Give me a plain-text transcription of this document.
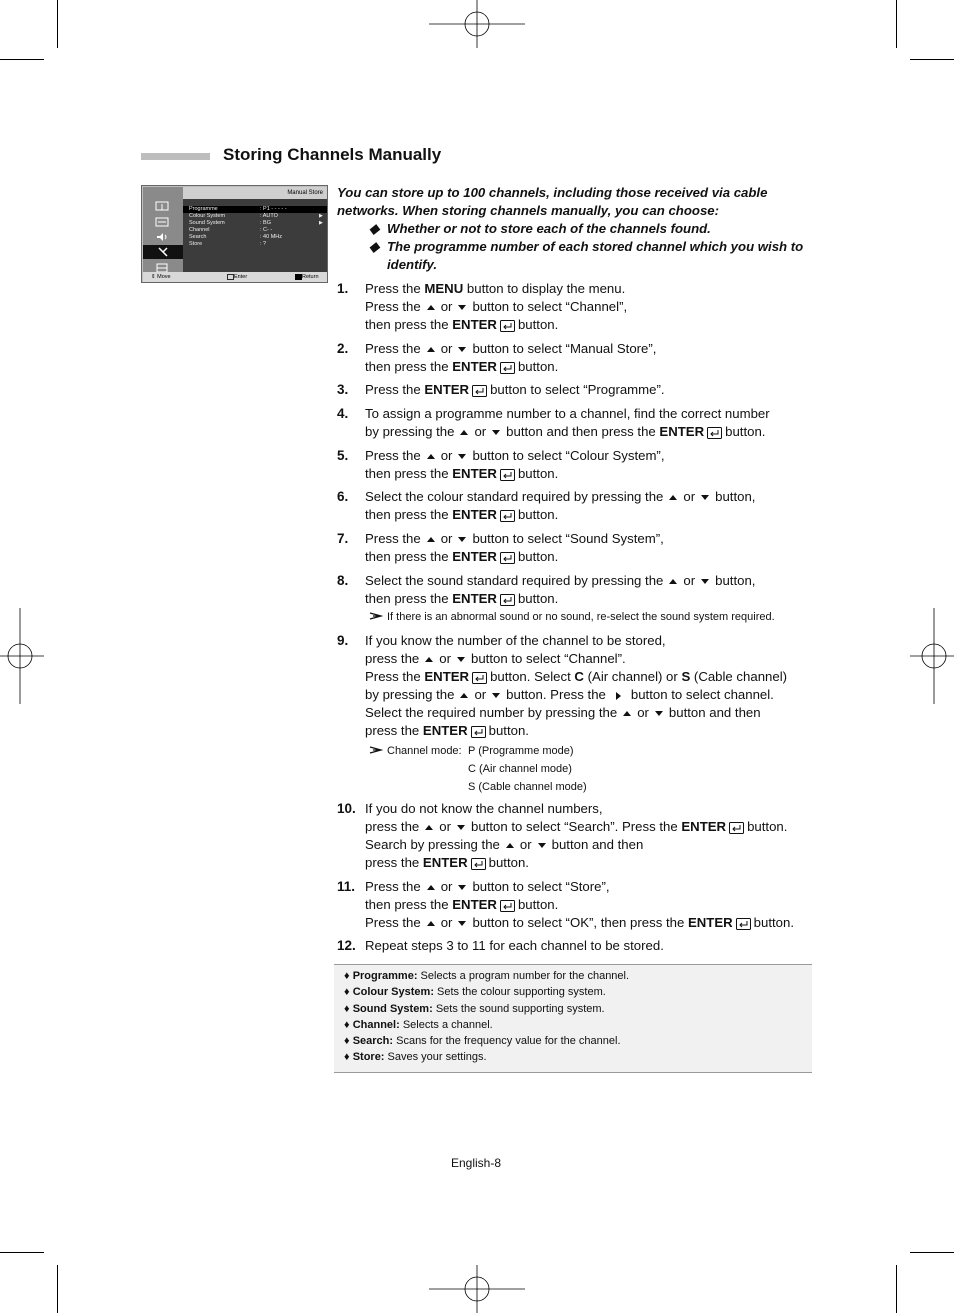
Storing Channels Manually
Manual Store
Programme	: P1 - - - - -
Colour System	: AUTO	▶
Sound System	: BG	▶
Channel	: C- -
Search	: 40 MHz
Store	: ?
⇕ Move	Enter	Return
You can store up to 100 channels, including those received via cable networks. When storing channels manually, you can choose:
◆ Whether or not to store each of the channels found.
◆ The programme number of each stored channel which you wish to identify.
1. Press the MENU button to display the menu.
Press the or button to select “Channel”,
then press the ENTER button.
2. Press the or button to select “Manual Store”,
then press the ENTER button.
3. Press the ENTER button to select “Programme”.
4. To assign a programme number to a channel, find the correct number
by pressing the or button and then press the ENTER button.
5. Press the or button to select “Colour System”,
then press the ENTER button.
6. Select the colour standard required by pressing the or button,
then press the ENTER button.
7. Press the or button to select “Sound System”,
then press the ENTER button.
8. Select the sound standard required by pressing the or button,
then press the ENTER button.
If there is an abnormal sound or no sound, re-select the sound system required.
9. If you know the number of the channel to be stored,
press the or button to select “Channel”.
Press the ENTER button. Select C (Air channel) or S (Cable channel)
by pressing the or button. Press the button to select channel.
Select the required number by pressing the or button and then
press the ENTER button.
Channel mode: P (Programme mode)
C (Air channel mode)
S (Cable channel mode)
10. If you do not know the channel numbers,
press the or button to select “Search”. Press the ENTER button.
Search by pressing the or button and then
press the ENTER button.
11. Press the or button to select “Store”,
then press the ENTER button.
Press the or button to select “OK”, then press the ENTER button.
12. Repeat steps 3 to 11 for each channel to be stored.
♦ Programme: Selects a program number for the channel.
♦ Colour System: Sets the colour supporting system.
♦ Sound System: Sets the sound supporting system.
♦ Channel: Selects a channel.
♦ Search: Scans for the frequency value for the channel.
♦ Store: Saves your settings.
English-8
